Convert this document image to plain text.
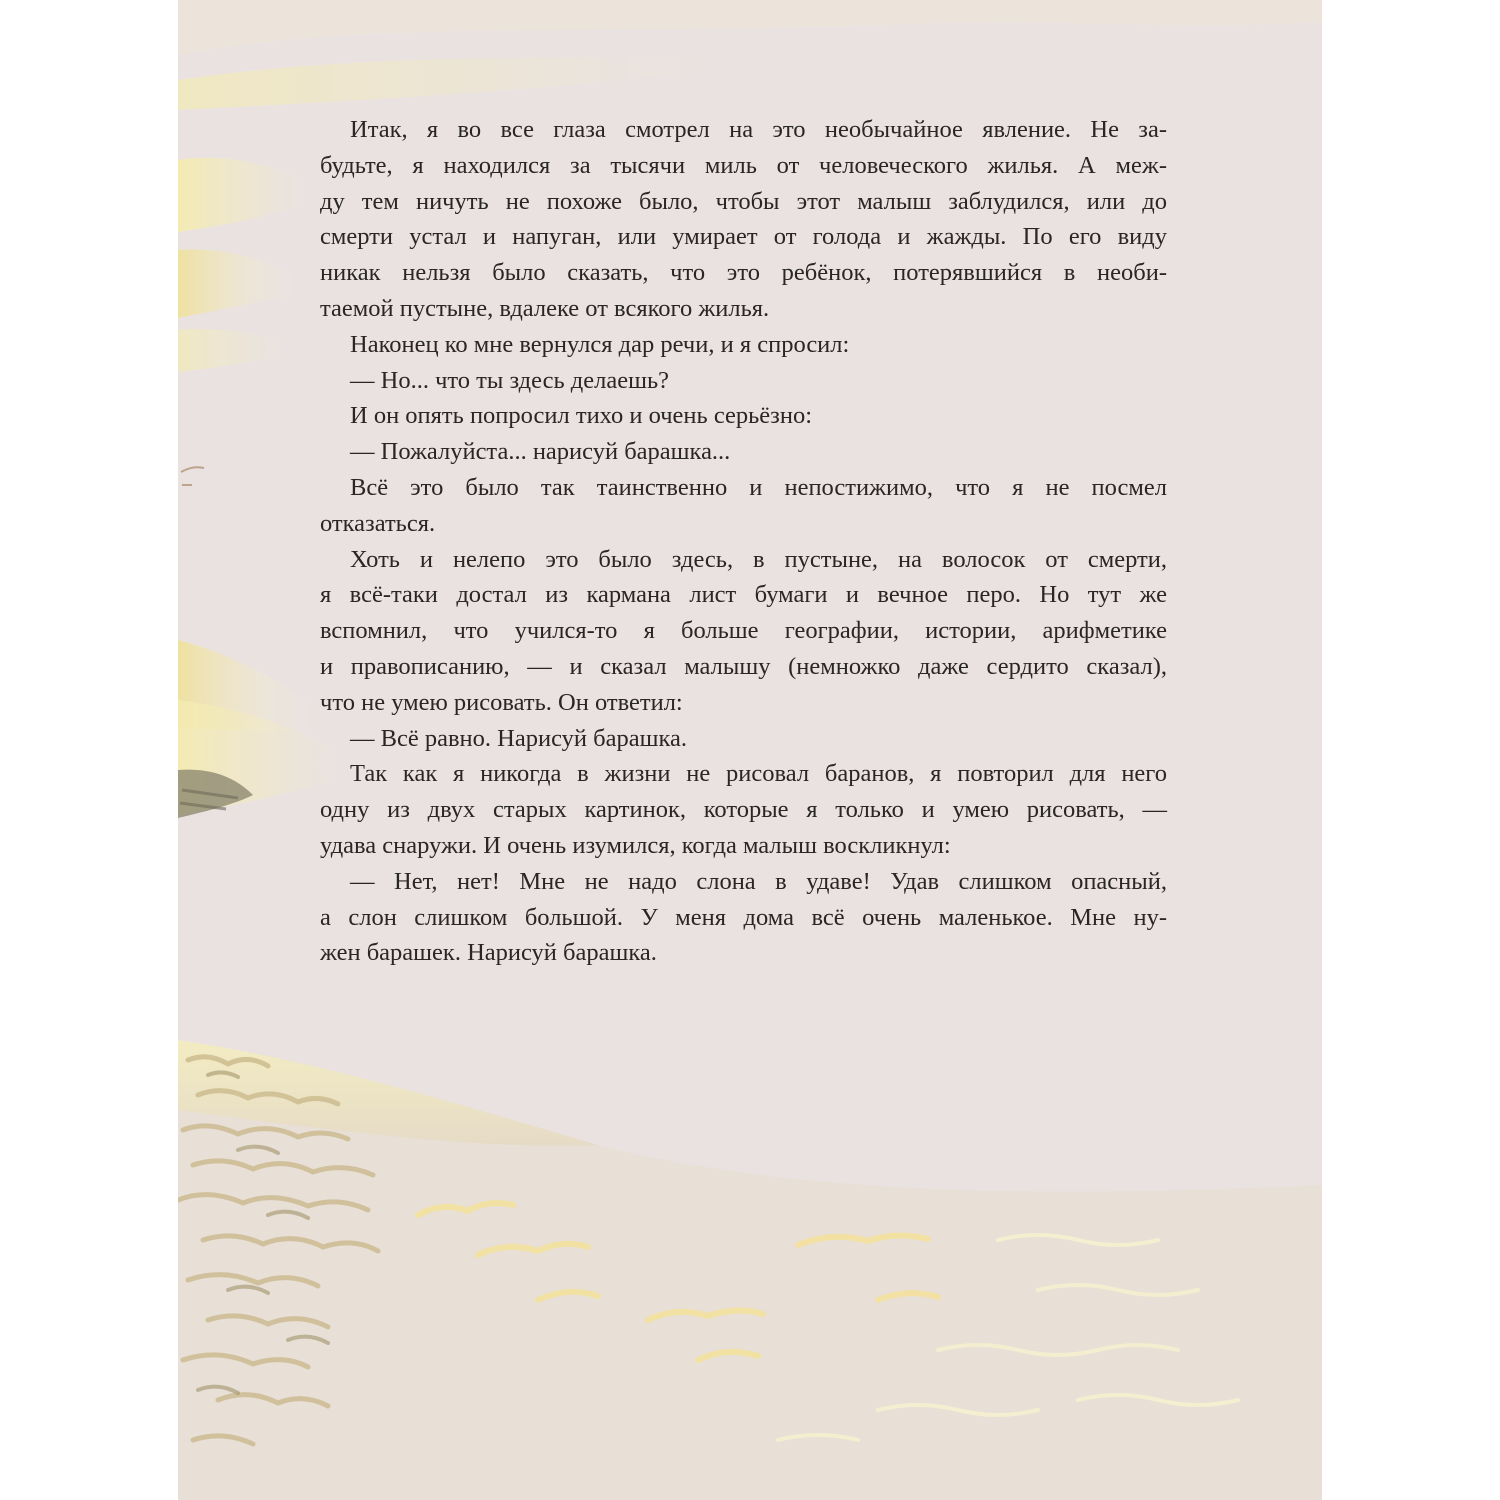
Итак, я во все глаза смотрел на это необычайное явление. Не за-

будьте, я находился за тысячи миль от человеческого жилья. А меж-

ду тем ничуть не похоже было, чтобы этот малыш заблудился, или до

смерти устал и напуган, или умирает от голода и жажды. По его виду

никак нельзя было сказать, что это ребёнок, потерявшийся в необи-

таемой пустыне, вдалеке от всякого жилья.

Наконец ко мне вернулся дар речи, и я спросил:

— Но... что ты здесь делаешь?

И он опять попросил тихо и очень серьёзно:

— Пожалуйста... нарисуй барашка...

Всё это было так таинственно и непостижимо, что я не посмел

отказаться.

Хоть и нелепо это было здесь, в пустыне, на волосок от смерти,

я всё-таки достал из кармана лист бумаги и вечное перо. Но тут же

вспомнил, что учился-то я больше географии, истории, арифметике

и правописанию, — и сказал малышу (немножко даже сердито сказал),

что не умею рисовать. Он ответил:

— Всё равно. Нарисуй барашка.

Так как я никогда в жизни не рисовал баранов, я повторил для него

одну из двух старых картинок, которые я только и умею рисовать, —

удава снаружи. И очень изумился, когда малыш воскликнул:

— Нет, нет! Мне не надо слона в удаве! Удав слишком опасный,

а слон слишком большой. У меня дома всё очень маленькое. Мне ну-

жен барашек. Нарисуй барашка.
